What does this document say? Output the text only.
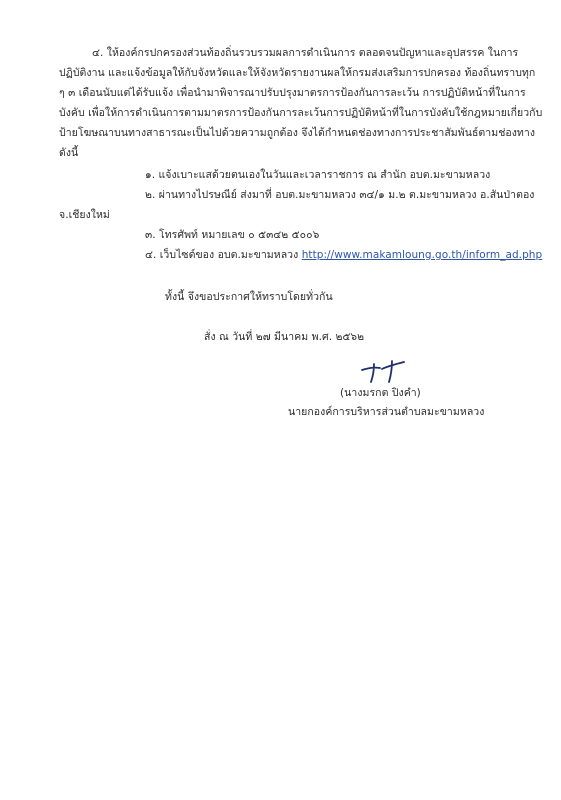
๔. ให้องค์กรปกครองส่วนท้องถิ่นรวบรวมผลการดำเนินการ ตลอดจนปัญหาและอุปสรรค ในการ
ปฏิบัติงาน และแจ้งข้อมูลให้กับจังหวัดและให้จังหวัดรายงานผลให้กรมส่งเสริมการปกครอง ท้องถิ่นทราบทุก
ๆ ๓ เดือนนับแต่ได้รับแจ้ง เพื่อนำมาพิจารณาปรับปรุงมาตรการป้องกันการละเว้น การปฏิบัติหน้าที่ในการ
บังคับ เพื่อให้การดำเนินการตามมาตรการป้องกันการละเว้นการปฏิบัติหน้าที่ในการบังคับใช้กฎหมายเกี่ยวกับ
ป้ายโฆษณาบนทางสาธารณะเป็นไปด้วยความถูกต้อง จึงได้กำหนดช่องทางการประชาสัมพันธ์ตามช่องทาง
ดังนี้
๑. แจ้งเบาะแสด้วยตนเองในวันและเวลาราชการ ณ สำนัก อบต.มะขามหลวง
๒. ผ่านทางไปรษณีย์ ส่งมาที่ อบต.มะขามหลวง ๓๔/๑ ม.๒ ต.มะขามหลวง อ.สันป่าตอง
จ.เชียงใหม่
๓. โทรศัพท์ หมายเลข ๐ ๕๓๔๒ ๕๐๐๖
๔. เว็บไซต์ของ อบต.มะขามหลวง http://www.makamloung.go.th/inform_ad.php
ทั้งนี้ จึงขอประกาศให้ทราบโดยทั่วกัน
สั่ง ณ วันที่ ๒๗ มีนาคม พ.ศ. ๒๕๖๒
(นางมรกต ปิงคำ)
นายกองค์การบริหารส่วนตำบลมะขามหลวง
